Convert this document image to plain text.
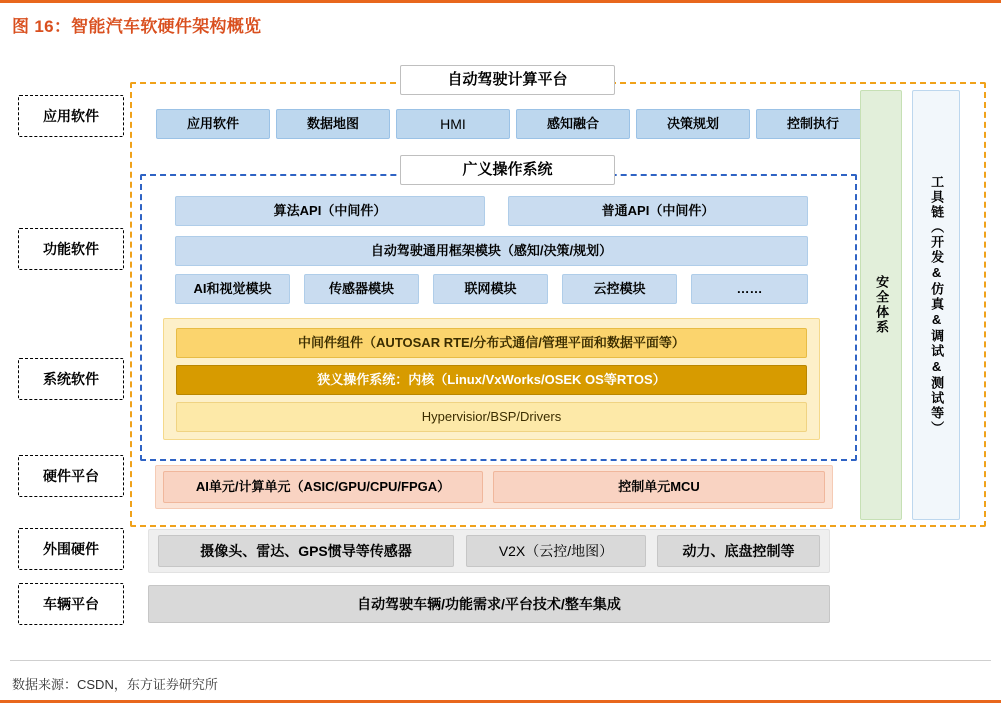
图 16：智能汽车软硬件架构概览
应用软件
功能软件
系统软件
硬件平台
外围硬件
车辆平台
自动驾驶计算平台
广义操作系统
应用软件	数据地图	HMI	感知融合	决策规划	控制执行
算法API（中间件）	普通API（中间件）
自动驾驶通用框架模块（感知/决策/规划）
AI和视觉模块	传感器模块	联网模块	云控模块	……
中间件组件（AUTOSAR RTE/分布式通信/管理平面和数据平面等）
狭义操作系统：内核（Linux/VxWorks/OSEK OS等RTOS）
Hypervisior/BSP/Drivers
AI单元/计算单元（ASIC/GPU/CPU/FPGA）	控制单元MCU
安全体系	工具链（开发&仿真&调试&测试等）
摄像头、雷达、GPS惯导等传感器	V2X（云控/地图）	动力、底盘控制等
自动驾驶车辆/功能需求/平台技术/整车集成
数据来源：CSDN，东方证券研究所
